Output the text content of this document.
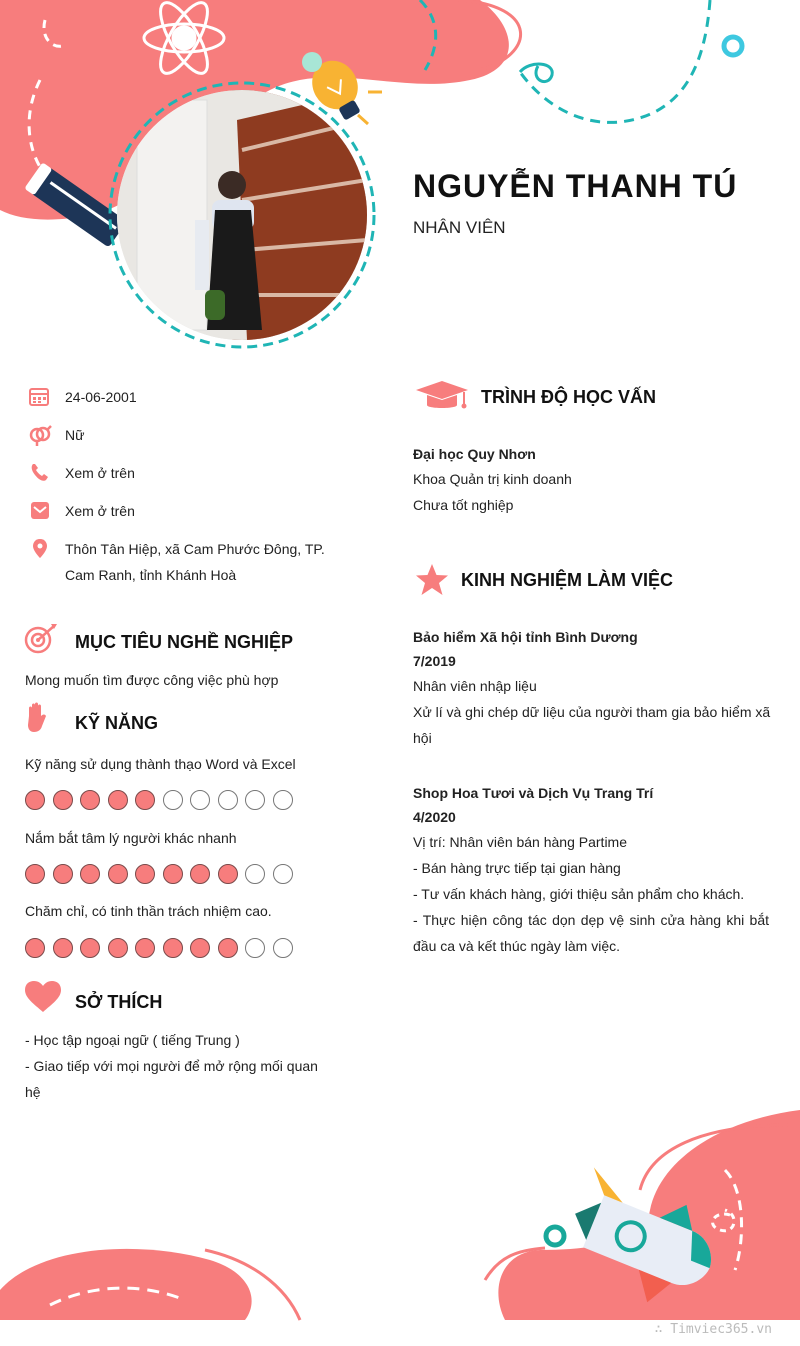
NGUYỄN THANH TÚ
NHÂN VIÊN
24-06-2001
Nữ
Xem ở trên
Xem ở trên
Thôn Tân Hiệp, xã Cam Phước Đông, TP. Cam Ranh, tỉnh Khánh Hoà
MỤC TIÊU NGHỀ NGHIỆP
Mong muốn tìm được công việc phù hợp
KỸ NĂNG
Kỹ năng sử dụng thành thạo Word và Excel
Nắm bắt tâm lý người khác nhanh
Chăm chỉ, có tinh thần trách nhiệm cao.
SỞ THÍCH
- Học tập ngoại ngữ ( tiếng Trung )
- Giao tiếp với mọi người để mở rộng mối quan hệ
TRÌNH ĐỘ HỌC VẤN
Đại học Quy Nhơn
Khoa Quản trị kinh doanh
Chưa tốt nghiệp
KINH NGHIỆM LÀM VIỆC
Bảo hiểm Xã hội tỉnh Bình Dương
7/2019
Nhân viên nhập liệu
Xử lí và ghi chép dữ liệu của người tham gia bảo hiểm xã hội
Shop Hoa Tươi và Dịch Vụ Trang Trí
4/2020
Vị trí: Nhân viên bán hàng Partime
- Bán hàng trực tiếp tại gian hàng
- Tư vấn khách hàng, giới thiệu sản phẩm cho khách.
- Thực hiện công tác dọn dẹp vệ sinh cửa hàng khi bắt đầu ca và kết thúc ngày làm việc.
∴ Timviec365.vn
